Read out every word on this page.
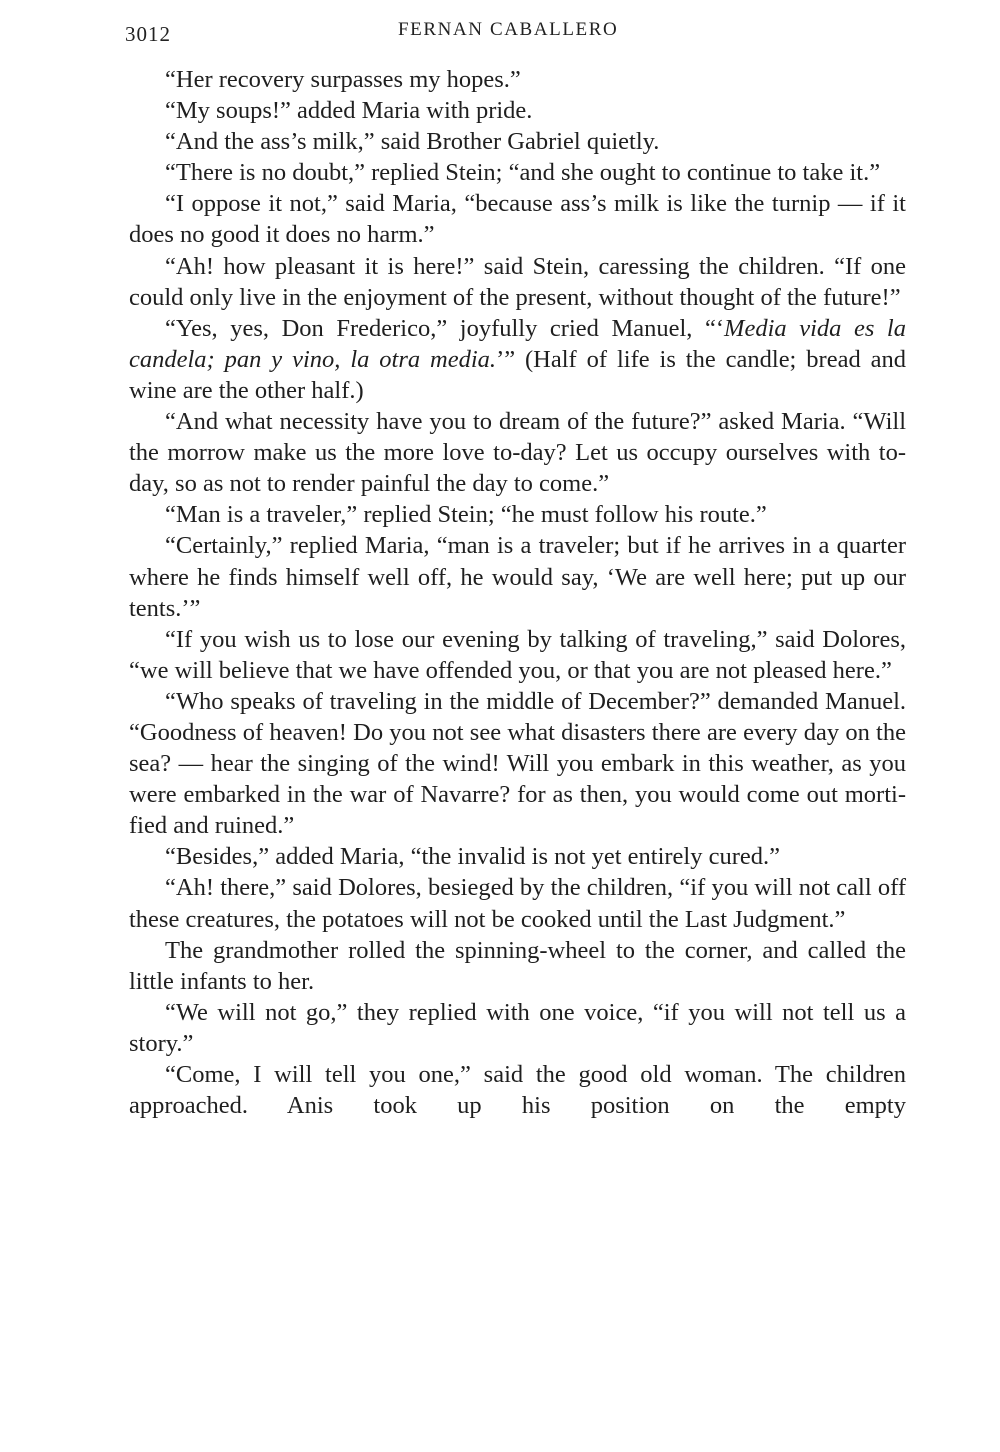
3012	FERNAN CABALLERO

“Her recovery surpasses my hopes.”

“My soups!” added Maria with pride.

“And the ass’s milk,” said Brother Gabriel quietly.

“There is no doubt,” replied Stein; “and she ought to continue to take it.”

“I oppose it not,” said Maria, “because ass’s milk is like the turnip — if it does no good it does no harm.”

“Ah! how pleasant it is here!” said Stein, caressing the children. “If one could only live in the enjoyment of the present, without thought of the future!”

“Yes, yes, Don Frederico,” joyfully cried Manuel, “‘Media vida es la candela; pan y vino, la otra media.’” (Half of life is the candle; bread and wine are the other half.)

“And what necessity have you to dream of the future?” asked Maria. “Will the morrow make us the more love to-day? Let us occupy ourselves with to-day, so as not to render painful the day to come.”

“Man is a traveler,” replied Stein; “he must follow his route.”

“Certainly,” replied Maria, “man is a traveler; but if he arrives in a quarter where he finds himself well off, he would say, ‘We are well here; put up our tents.’”

“If you wish us to lose our evening by talking of traveling,” said Dolores, “we will believe that we have offended you, or that you are not pleased here.”

“Who speaks of traveling in the middle of December?” demanded Manuel. “Goodness of heaven! Do you not see what disasters there are every day on the sea? — hear the singing of the wind! Will you embark in this weather, as you were embarked in the war of Navarre? for as then, you would come out mortified and ruined.”

“Besides,” added Maria, “the invalid is not yet entirely cured.”

“Ah! there,” said Dolores, besieged by the children, “if you will not call off these creatures, the potatoes will not be cooked until the Last Judgment.”

The grandmother rolled the spinning-wheel to the corner, and called the little infants to her.

“We will not go,” they replied with one voice, “if you will not tell us a story.”

“Come, I will tell you one,” said the good old woman. The children approached. Anis took up his position on the empty
